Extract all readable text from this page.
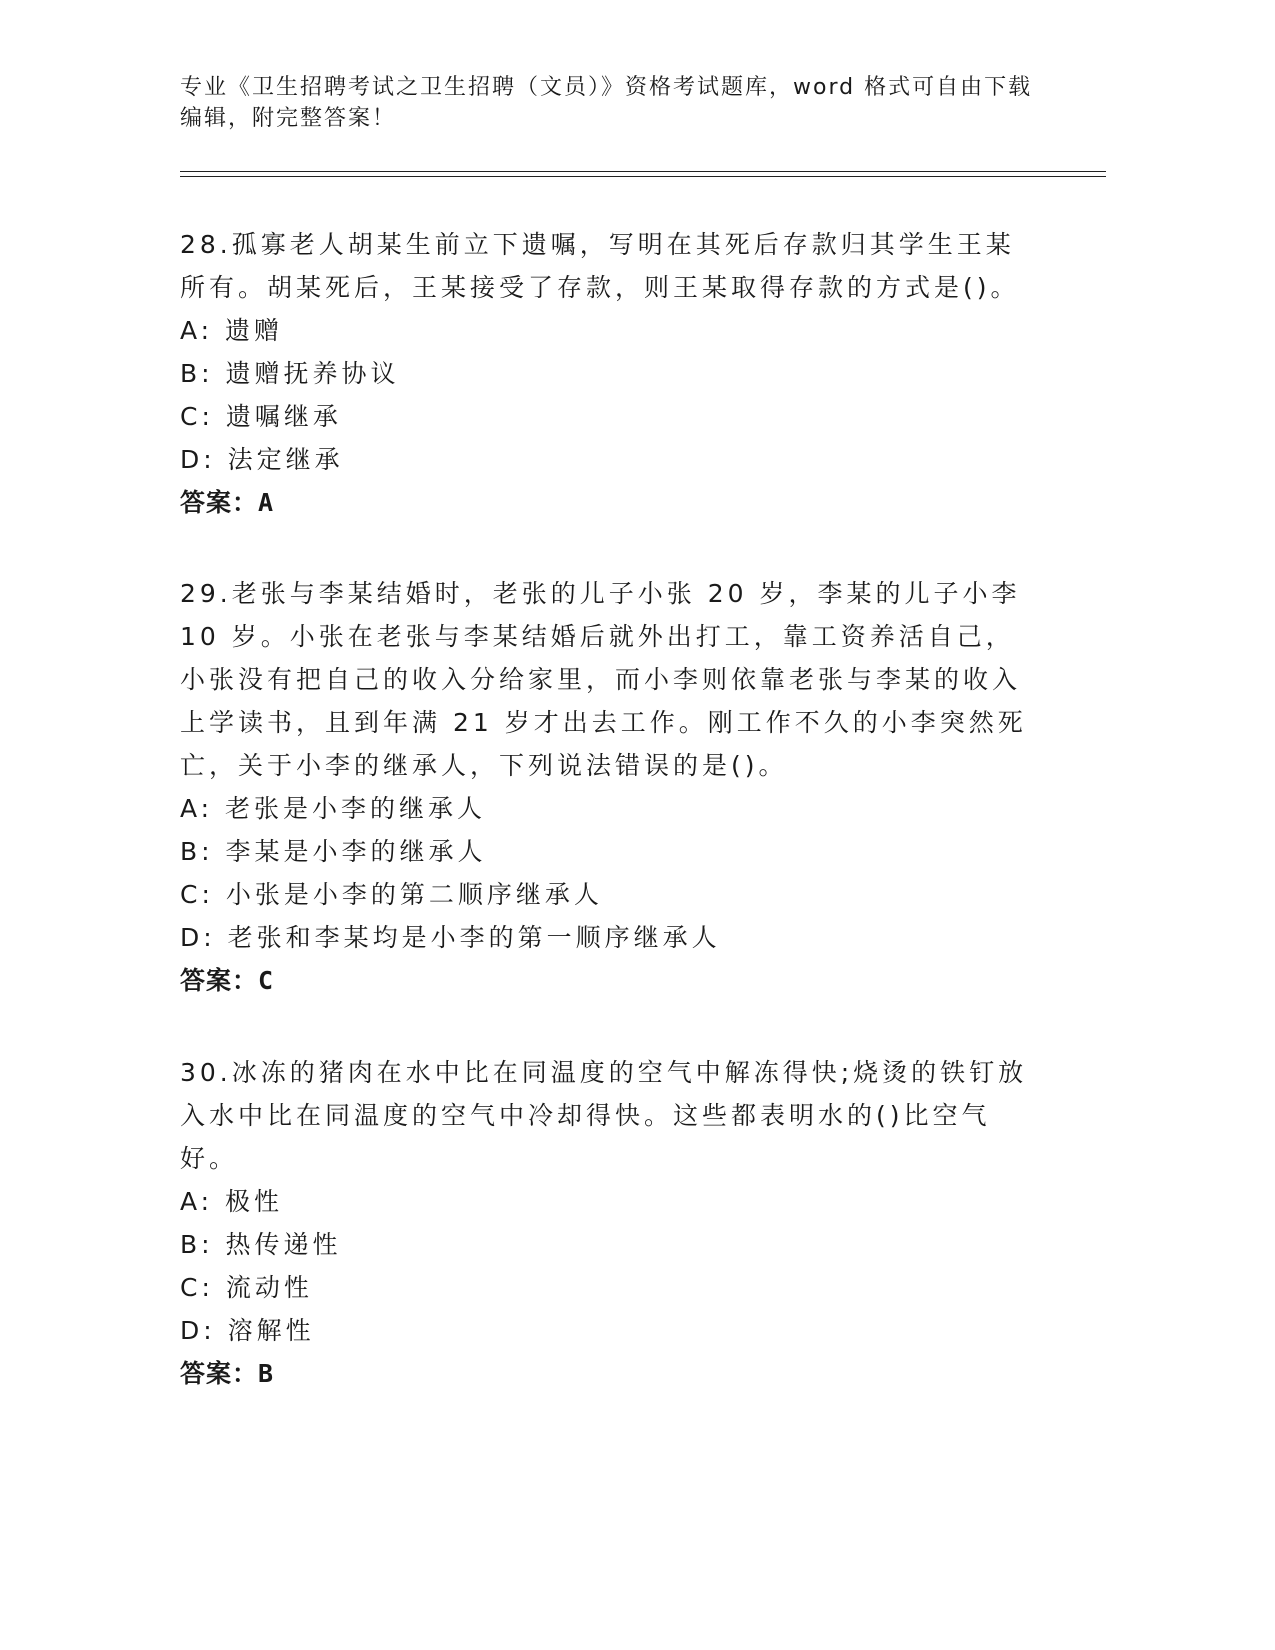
专业《卫生招聘考试之卫生招聘（文员）》资格考试题库，word 格式可自由下载
编辑，附完整答案！

28.孤寡老人胡某生前立下遗嘱，写明在其死后存款归其学生王某所有。胡某死后，王某接受了存款，则王某取得存款的方式是()。

A: 遗赠

B: 遗赠抚养协议

C: 遗嘱继承

D: 法定继承

答案：A

29.老张与李某结婚时，老张的儿子小张 20 岁，李某的儿子小李 10 岁。小张在老张与李某结婚后就外出打工，靠工资养活自己，小张没有把自己的收入分给家里，而小李则依靠老张与李某的收入上学读书，且到年满 21 岁才出去工作。刚工作不久的小李突然死亡，关于小李的继承人，下列说法错误的是()。

A: 老张是小李的继承人

B: 李某是小李的继承人

C: 小张是小李的第二顺序继承人

D: 老张和李某均是小李的第一顺序继承人

答案：C

30.冰冻的猪肉在水中比在同温度的空气中解冻得快;烧烫的铁钉放入水中比在同温度的空气中冷却得快。这些都表明水的()比空气好。

A: 极性

B: 热传递性

C: 流动性

D: 溶解性

答案：B
